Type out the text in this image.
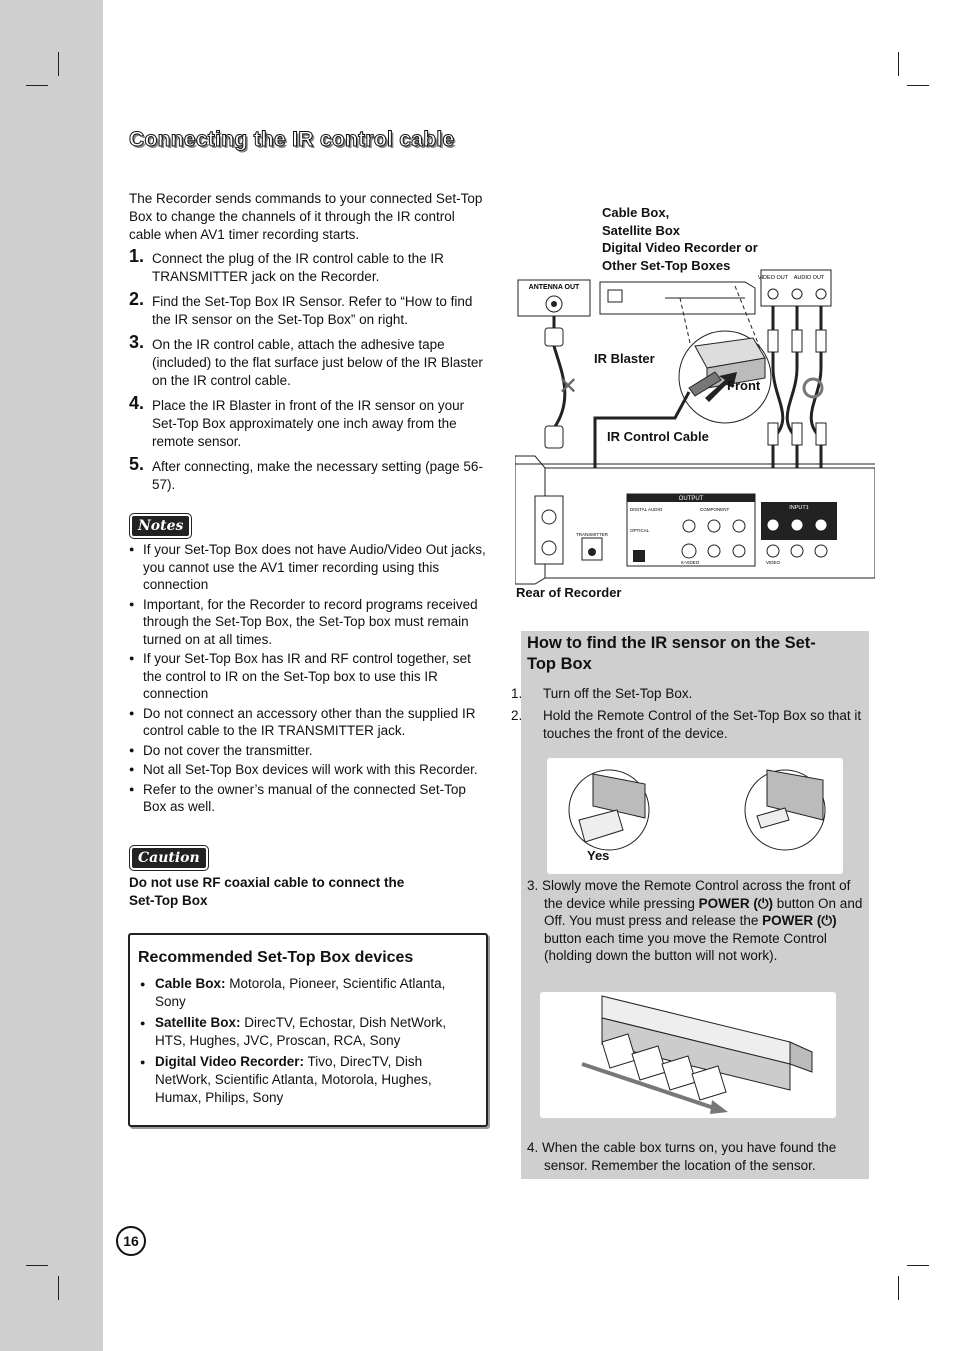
Connecting the IR control cable
The Recorder sends commands to your connected Set-Top Box to change the channels of it through the IR control cable when AV1 timer recording starts.
1. Connect the plug of the IR control cable to the IR TRANSMITTER jack on the Recorder.
2. Find the Set-Top Box IR Sensor. Refer to “How to find the IR sensor on the Set-Top Box” on right.
3. On the IR control cable, attach the adhesive tape (included) to the flat surface just below of the IR Blaster on the IR control cable.
4. Place the IR Blaster in front of the IR sensor on your Set-Top Box approximately one inch away from the remote sensor.
5. After connecting, make the necessary setting (page 56-57).
Notes
● If your Set-Top Box does not have Audio/Video Out jacks, you cannot use the AV1 timer recording using this connection
● Important, for the Recorder to record programs received through the Set-Top Box, the Set-Top box must remain turned on at all times.
● If your Set-Top Box has IR and RF control together, set the control to IR on the Set-Top box to use this IR connection
● Do not connect an accessory other than the supplied IR control cable to the IR TRANSMITTER jack.
● Do not cover the transmitter.
● Not all Set-Top Box devices will work with this Recorder.
● Refer to the owner’s manual of the connected Set-Top Box as well.
Caution
Do not use RF coaxial cable to connect the
Set-Top Box
Recommended Set-Top Box devices
● Cable Box: Motorola, Pioneer, Scientific Atlanta, Sony
● Satellite Box: DirecTV, Echostar, Dish NetWork, HTS, Hughes, JVC, Proscan, RCA, Sony
● Digital Video Recorder: Tivo, DirecTV, Dish NetWork, Scientific Atlanta, Motorola, Hughes, Humax, Philips, Sony
Cable Box,
Satellite Box
Digital Video Recorder or
Other Set-Top Boxes
ANTENNA OUT
✕
VIDEO OUT AUDIO OUT
TRANSMITTER
OUTPUT
DIGITAL AUDIO	COMPONENT
OPTICAL
S-VIDEO
INPUT1
VIDEO
IR Blaster
Front
IR Control Cable
Rear of Recorder
How to find the IR sensor on the Set-Top Box
1. Turn off the Set-Top Box.
2. Hold the Remote Control of the Set-Top Box so that it touches the front of the device.
Yes
3. Slowly move the Remote Control across the front of the device while pressing POWER (⏻) button On and Off. You must press and release the POWER (⏻) button each time you move the Remote Control (holding down the button will not work).
4. When the cable box turns on, you have found the sensor. Remember the location of the sensor.
16
